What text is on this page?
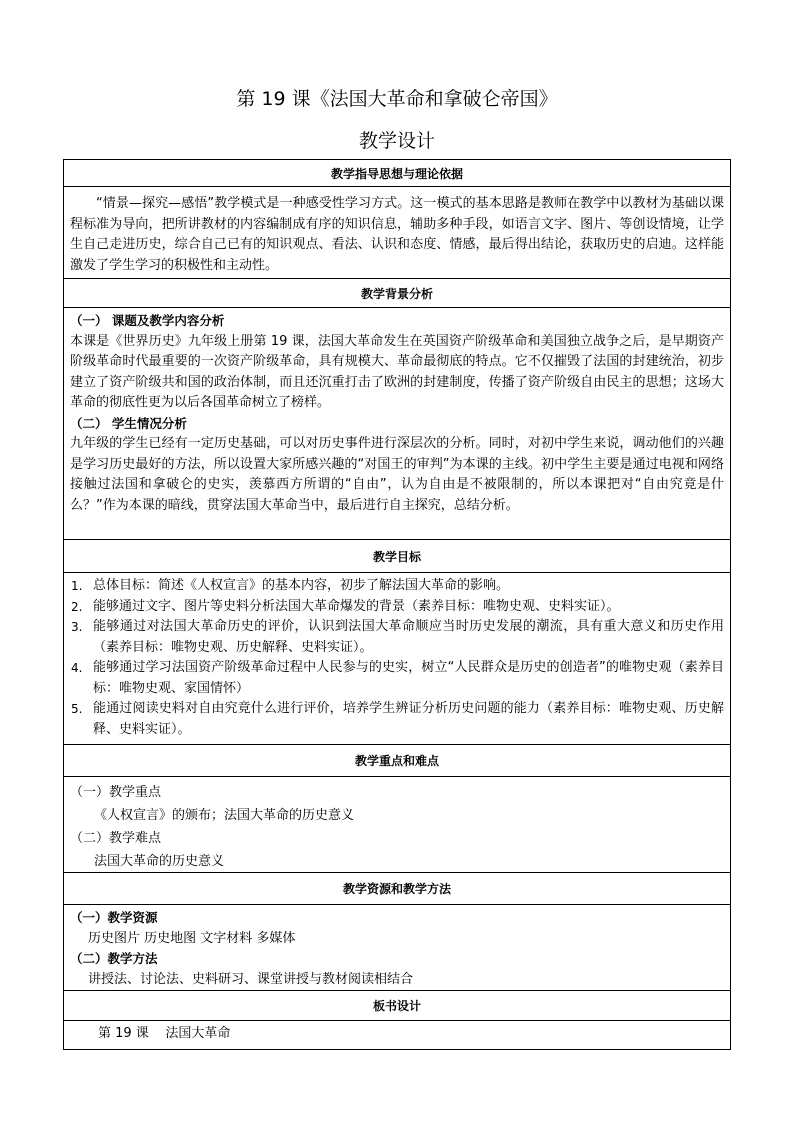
第 19 课《法国大革命和拿破仑帝国》
教学设计
教学指导思想与理论依据

“情景—探究—感悟”教学模式是一种感受性学习方式。这一模式的基本思路是教师在教学中以教材为基础以课程标准为导向，把所讲教材的内容编制成有序的知识信息，辅助多种手段，如语言文字、图片、等创设情境，让学生自己走进历史，综合自己已有的知识观点、看法、认识和态度、情感，最后得出结论，获取历史的启迪。这样能激发了学生学习的积极性和主动性。

教学背景分析

（一） 课题及教学内容分析

本课是《世界历史》九年级上册第 19 课，法国大革命发生在英国资产阶级革命和美国独立战争之后，是早期资产阶级革命时代最重要的一次资产阶级革命，具有规模大、革命最彻底的特点。它不仅摧毁了法国的封建统治，初步建立了资产阶级共和国的政治体制，而且还沉重打击了欧洲的封建制度，传播了资产阶级自由民主的思想；这场大革命的彻底性更为以后各国革命树立了榜样。

（二） 学生情况分析

九年级的学生已经有一定历史基础，可以对历史事件进行深层次的分析。同时，对初中学生来说，调动他们的兴趣是学习历史最好的方法，所以设置大家所感兴趣的“对国王的审判”为本课的主线。初中学生主要是通过电视和网络接触过法国和拿破仑的史实，羡慕西方所谓的“自由”，认为自由是不被限制的，所以本课把对“自由究竟是什么？”作为本课的暗线，贯穿法国大革命当中，最后进行自主探究，总结分析。

教学目标
1. 总体目标：简述《人权宣言》的基本内容，初步了解法国大革命的影响。
2. 能够通过文字、图片等史料分析法国大革命爆发的背景（素养目标：唯物史观、史料实证）。
3. 能够通过对法国大革命历史的评价，认识到法国大革命顺应当时历史发展的潮流，具有重大意义和历史作用（素养目标：唯物史观、历史解释、史料实证）。
4. 能够通过学习法国资产阶级革命过程中人民参与的史实，树立“人民群众是历史的创造者”的唯物史观（素养目标：唯物史观、家国情怀）
5. 能通过阅读史料对自由究竟什么进行评价，培养学生辨证分析历史问题的能力（素养目标：唯物史观、历史解释、史料实证）。
教学重点和难点

（一）教学重点

《人权宣言》的颁布；法国大革命的历史意义

（二）教学难点

法国大革命的历史意义

教学资源和教学方法

（一）教学资源

历史图片 历史地图 文字材料 多媒体

（二）教学方法

讲授法、讨论法、史料研习、课堂讲授与教材阅读相结合

板书设计

第 19 课    法国大革命
